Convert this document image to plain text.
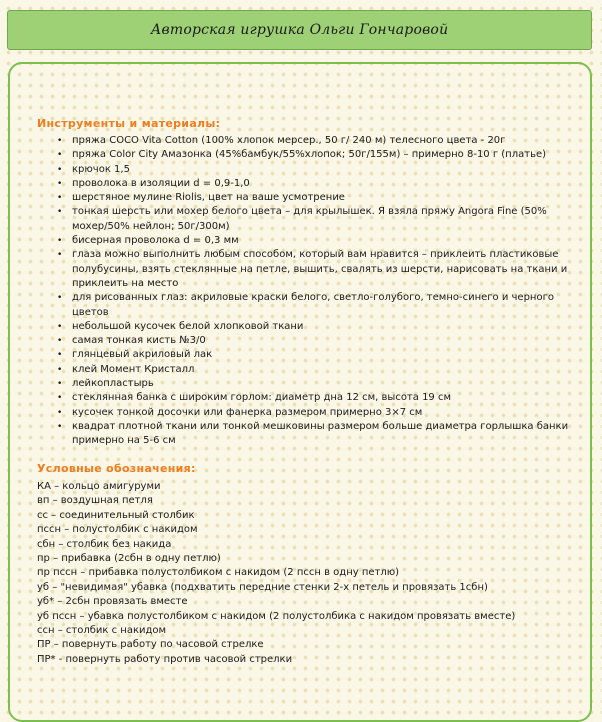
Авторская игрушка Ольги Гончаровой
Инструменты и материалы:
• пряжа COCO Vita Cotton (100% хлопок мерсер., 50 г/ 240 м) телесного цвета - 20г
• пряжа Color City Амазонка (45%бамбук/55%хлопок; 50г/155м) – примерно 8-10 г (платье)
• крючок 1,5
• проволока в изоляции d = 0,9-1,0
• шерстяное мулине Riolis, цвет на ваше усмотрение
• тонкая шерсть или мохер белого цвета – для крылышек. Я взяла пряжу Angora Fine (50% мохер/50% нейлон; 50г/300м)
• бисерная проволока d = 0,3 мм
• глаза можно выполнить любым способом, который вам нравится – приклеить пластиковые полубусины, взять стеклянные на петле, вышить, свалять из шерсти, нарисовать на ткани и приклеить на место
• для рисованных глаз: акриловые краски белого, светло-голубого, темно-синего и черного цветов
• небольшой кусочек белой хлопковой ткани
• самая тонкая кисть №3/0
• глянцевый акриловый лак
• клей Момент Кристалл
• лейкопластырь
• стеклянная банка с широким горлом: диаметр дна 12 см, высота 19 см
• кусочек тонкой досочки или фанерка размером примерно 3×7 см
• квадрат плотной ткани или тонкой мешковины размером больше диаметра горлышка банки примерно на 5-6 см
Условные обозначения:
КА – кольцо амигуруми
вп – воздушная петля
сс – соединительный столбик
пссн – полустолбик с накидом
сбн – столбик без накида
пр – прибавка (2сбн в одну петлю)
пр пссн – прибавка полустолбиком с накидом (2 пссн в одну петлю)
уб – "невидимая" убавка (подхватить передние стенки 2-х петель и провязать 1сбн)
уб* – 2сбн провязать вместе
уб пссн – убавка полустолбиком с накидом (2 полустолбика с накидом провязать вместе)
ссн – столбик с накидом
ПР – повернуть работу по часовой стрелке
ПР* - повернуть работу против часовой стрелки
